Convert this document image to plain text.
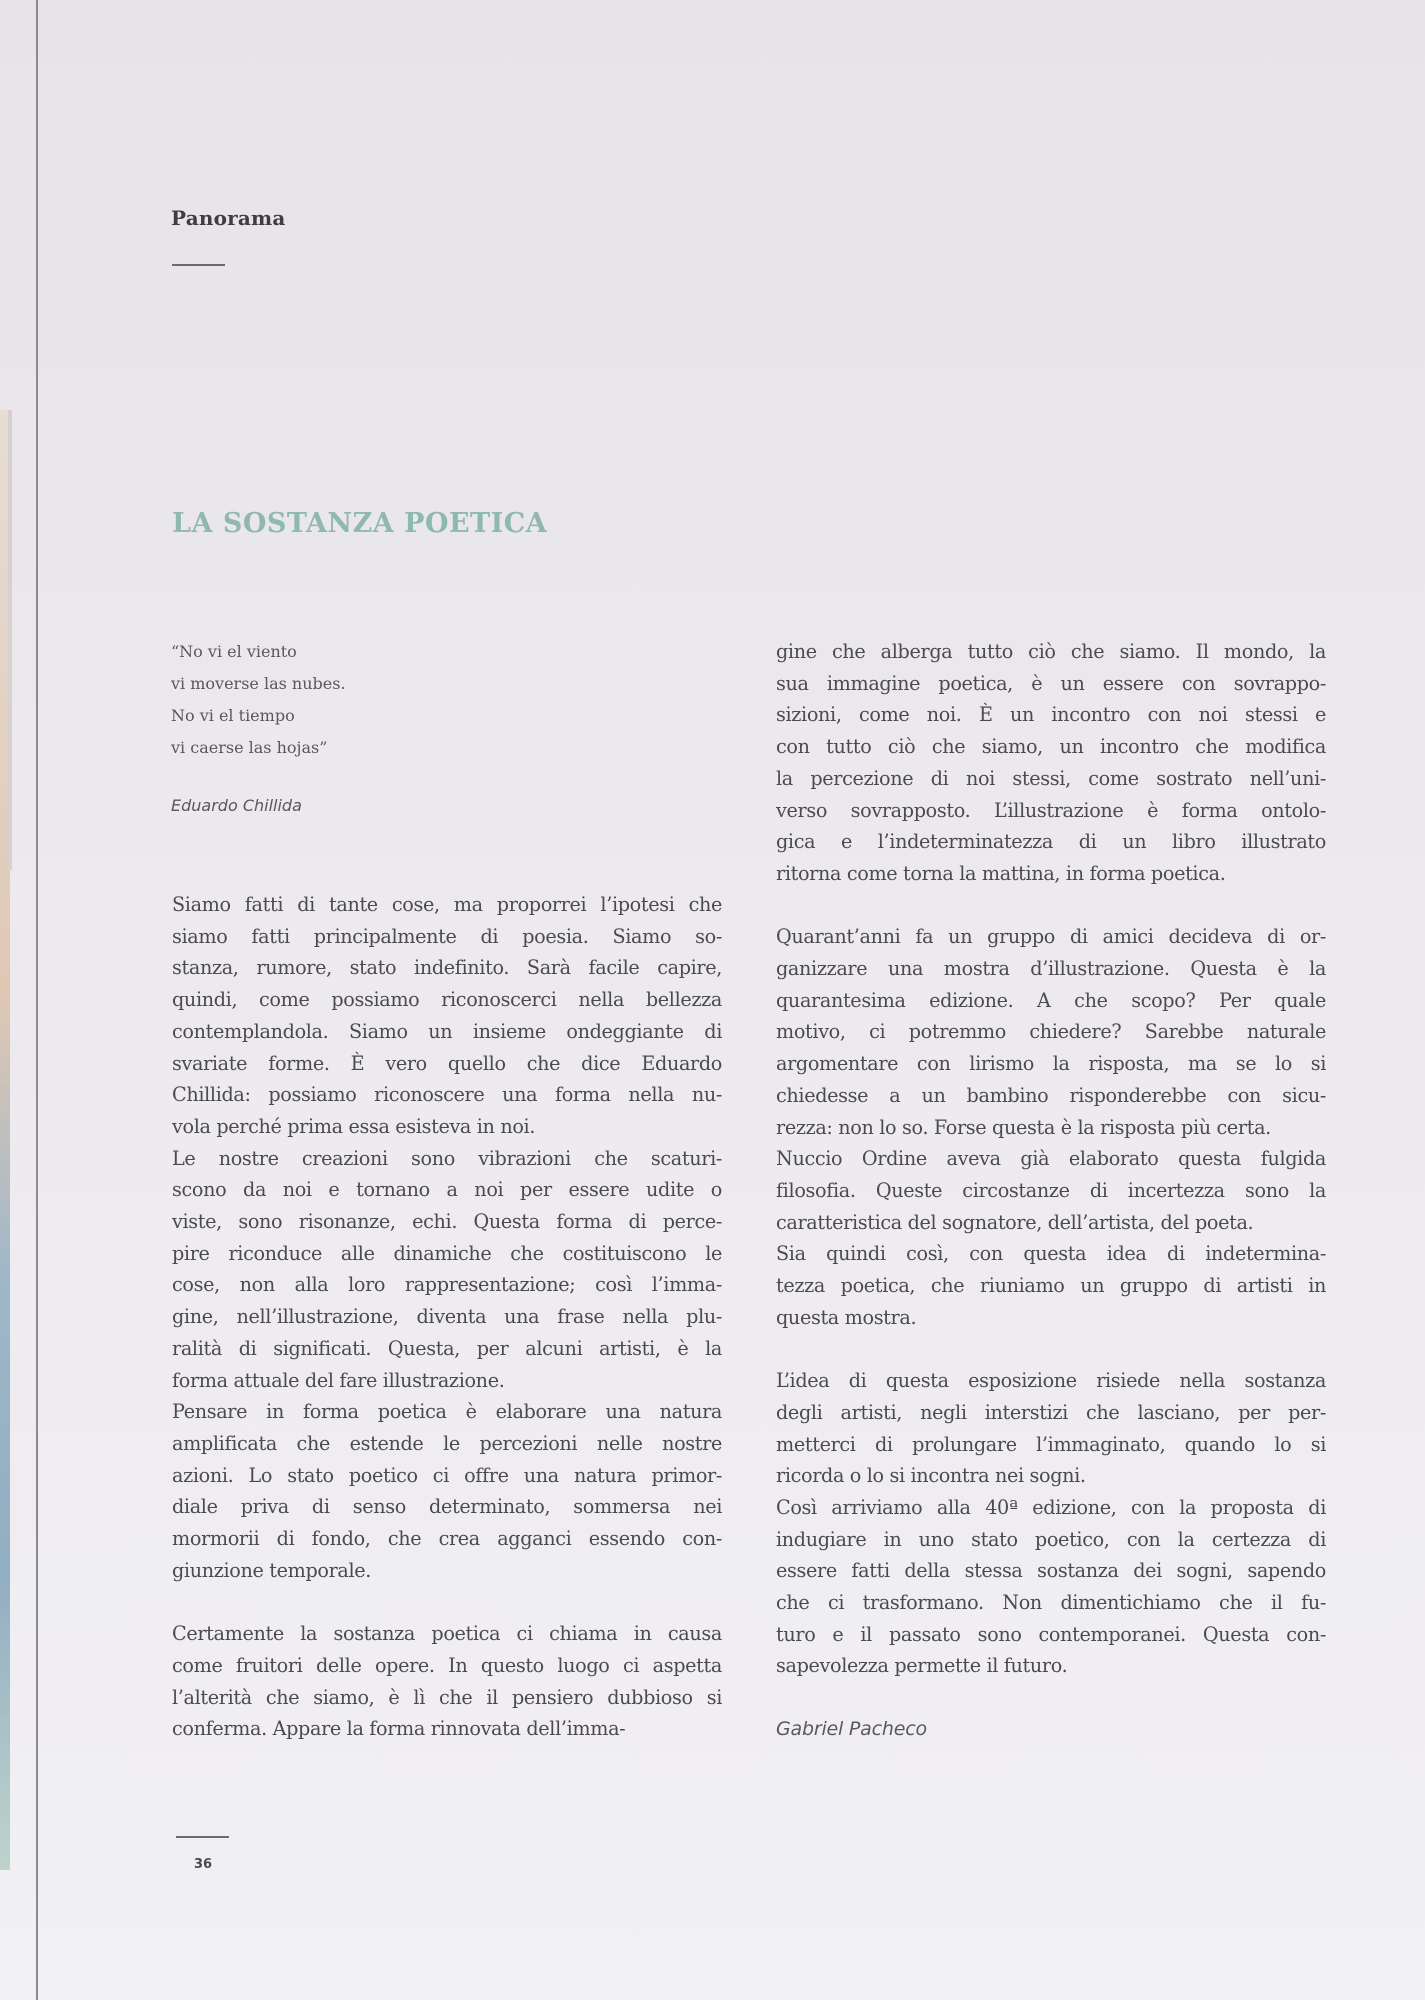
Panorama
LA SOSTANZA POETICA
“No vi el viento
vi moverse las nubes.
No vi el tiempo
vi caerse las hojas”
Eduardo Chillida
Siamo fatti di tante cose, ma proporrei l’ipotesi che
siamo fatti principalmente di poesia. Siamo so-
stanza, rumore, stato indefinito. Sarà facile capire,
quindi, come possiamo riconoscerci nella bellezza
contemplandola. Siamo un insieme ondeggiante di
svariate forme. È vero quello che dice Eduardo
Chillida: possiamo riconoscere una forma nella nu-
vola perché prima essa esisteva in noi.
Le nostre creazioni sono vibrazioni che scaturi-
scono da noi e tornano a noi per essere udite o
viste, sono risonanze, echi. Questa forma di perce-
pire riconduce alle dinamiche che costituiscono le
cose, non alla loro rappresentazione; così l’imma-
gine, nell’illustrazione, diventa una frase nella plu-
ralità di significati. Questa, per alcuni artisti, è la
forma attuale del fare illustrazione.
Pensare in forma poetica è elaborare una natura
amplificata che estende le percezioni nelle nostre
azioni. Lo stato poetico ci offre una natura primor-
diale priva di senso determinato, sommersa nei
mormorii di fondo, che crea agganci essendo con-
giunzione temporale.
Certamente la sostanza poetica ci chiama in causa
come fruitori delle opere. In questo luogo ci aspetta
l’alterità che siamo, è lì che il pensiero dubbioso si
conferma. Appare la forma rinnovata dell’imma-
gine che alberga tutto ciò che siamo. Il mondo, la
sua immagine poetica, è un essere con sovrappo-
sizioni, come noi. È un incontro con noi stessi e
con tutto ciò che siamo, un incontro che modifica
la percezione di noi stessi, come sostrato nell’uni-
verso sovrapposto. L’illustrazione è forma ontolo-
gica e l’indeterminatezza di un libro illustrato
ritorna come torna la mattina, in forma poetica.
Quarant’anni fa un gruppo di amici decideva di or-
ganizzare una mostra d’illustrazione. Questa è la
quarantesima edizione. A che scopo? Per quale
motivo, ci potremmo chiedere? Sarebbe naturale
argomentare con lirismo la risposta, ma se lo si
chiedesse a un bambino risponderebbe con sicu-
rezza: non lo so. Forse questa è la risposta più certa.
Nuccio Ordine aveva già elaborato questa fulgida
filosofia. Queste circostanze di incertezza sono la
caratteristica del sognatore, dell’artista, del poeta.
Sia quindi così, con questa idea di indetermina-
tezza poetica, che riuniamo un gruppo di artisti in
questa mostra.
L’idea di questa esposizione risiede nella sostanza
degli artisti, negli interstizi che lasciano, per per-
metterci di prolungare l’immaginato, quando lo si
ricorda o lo si incontra nei sogni.
Così arriviamo alla 40ª edizione, con la proposta di
indugiare in uno stato poetico, con la certezza di
essere fatti della stessa sostanza dei sogni, sapendo
che ci trasformano. Non dimentichiamo che il fu-
turo e il passato sono contemporanei. Questa con-
sapevolezza permette il futuro.
Gabriel Pacheco
36
